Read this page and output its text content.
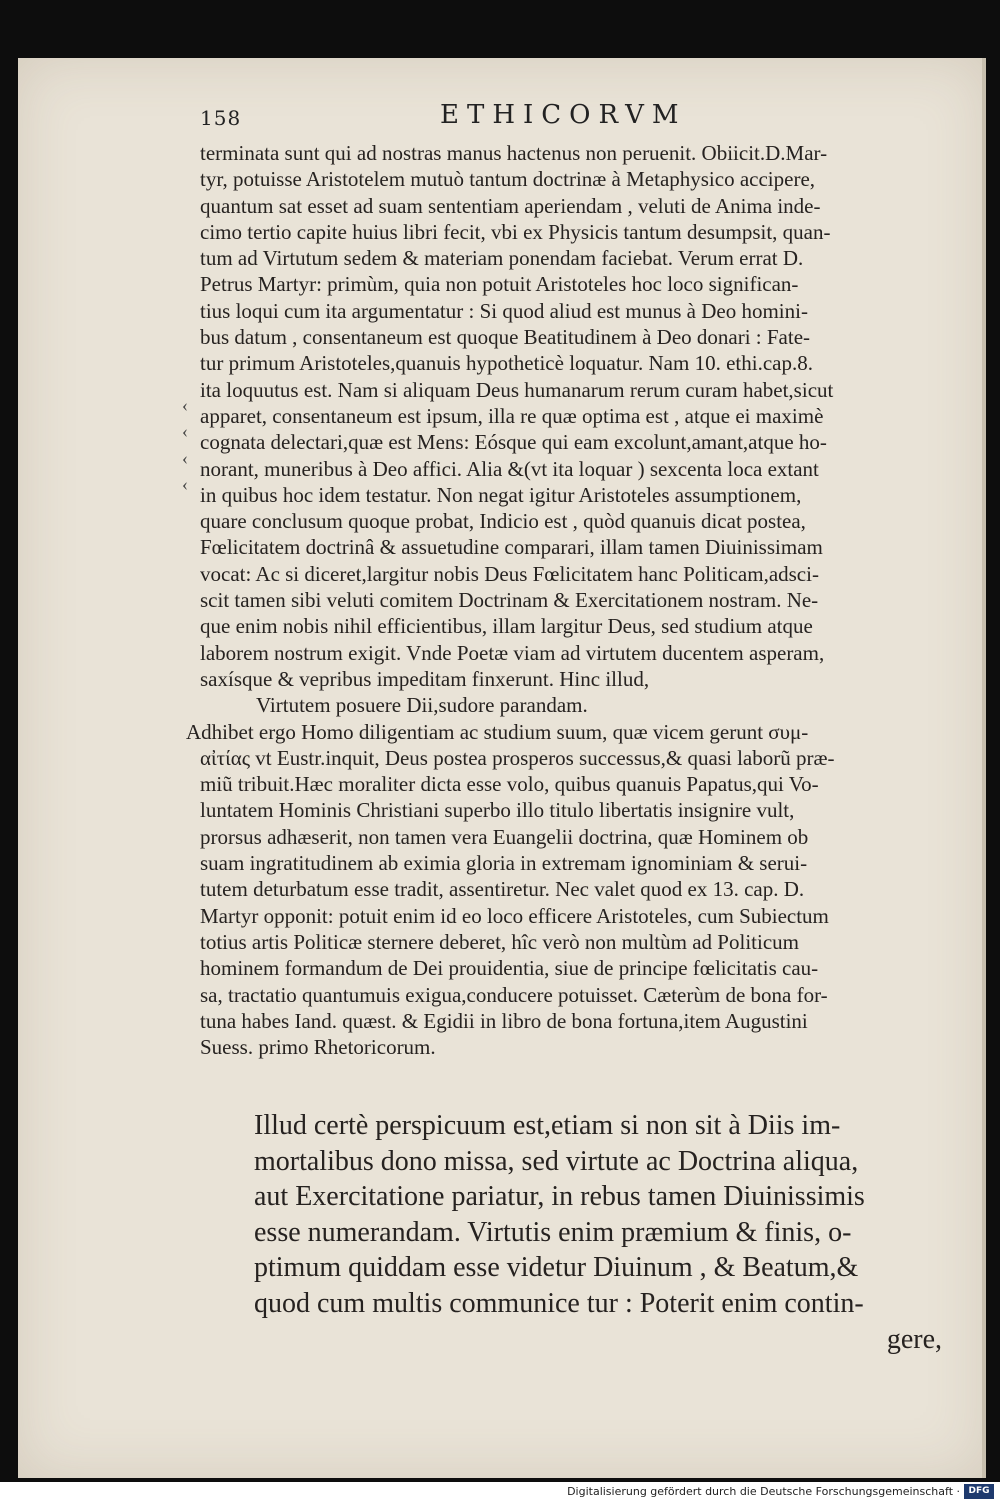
158	ETHICORVM
‹
‹
‹
‹
terminata sunt qui ad nostras manus hactenus non peruenit. Obiicit.D.Mar-
tyr, potuisse Aristotelem mutuò tantum doctrinæ à Metaphysico accipere,
quantum sat esset ad suam sententiam aperiendam , veluti de Anima inde-
cimo tertio capite huius libri fecit, vbi ex Physicis tantum desumpsit, quan-
tum ad Virtutum sedem & materiam ponendam faciebat. Verum errat D.
Petrus Martyr: primùm, quia non potuit Aristoteles hoc loco significan-
tius loqui cum ita argumentatur : Si quod aliud est munus à Deo homini-
bus datum , consentaneum est quoque Beatitudinem à Deo donari : Fate-
tur primum Aristoteles,quanuis hypotheticè loquatur. Nam 10. ethi.cap.8.
ita loquutus est. Nam si aliquam Deus humanarum rerum curam habet,sicut
apparet, consentaneum est ipsum, illa re quæ optima est , atque ei maximè
cognata delectari,quæ est Mens: Eósque qui eam excolunt,amant,atque ho-
norant, muneribus à Deo affici. Alia &(vt ita loquar ) sexcenta loca extant
in quibus hoc idem testatur. Non negat igitur Aristoteles assumptionem,
quare conclusum quoque probat, Indicio est , quòd quanuis dicat postea,
Fœlicitatem doctrinâ & assuetudine comparari, illam tamen Diuinissimam
vocat: Ac si diceret,largitur nobis Deus Fœlicitatem hanc Politicam,adsci-
scit tamen sibi veluti comitem Doctrinam & Exercitationem nostram. Ne-
que enim nobis nihil efficientibus, illam largitur Deus, sed studium atque
laborem nostrum exigit. Vnde Poetæ viam ad virtutem ducentem asperam,
saxísque & vepribus impeditam finxerunt. Hinc illud,
Virtutem posuere Dii,sudore parandam.
Adhibet ergo Homo diligentiam ac studium suum, quæ vicem gerunt συμ-
αἰτίας vt Eustr.inquit, Deus postea prosperos successus,& quasi laborũ præ-
miũ tribuit.Hæc moraliter dicta esse volo, quibus quanuis Papatus,qui Vo-
luntatem Hominis Christiani superbo illo titulo libertatis insignire vult,
prorsus adhæserit, non tamen vera Euangelii doctrina, quæ Hominem ob
suam ingratitudinem ab eximia gloria in extremam ignominiam & serui-
tutem deturbatum esse tradit, assentiretur. Nec valet quod ex 13. cap. D.
Martyr opponit: potuit enim id eo loco efficere Aristoteles, cum Subiectum
totius artis Politicæ sternere deberet, hîc verò non multùm ad Politicum
hominem formandum de Dei prouidentia, siue de principe fœlicitatis cau-
sa, tractatio quantumuis exigua,conducere potuisset. Cæterùm de bona for-
tuna habes Iand. quæst. & Egidii in libro de bona fortuna,item Augustini
Suess. primo Rhetoricorum.
Illud certè perspicuum est,etiam si non sit à Diis im-
mortalibus dono missa, sed virtute ac Doctrina aliqua,
aut Exercitatione pariatur, in rebus tamen Diuinissimis
esse numerandam. Virtutis enim præmium & finis, o-
ptimum quiddam esse videtur Diuinum , & Beatum,&
quod cum multis communice tur : Poterit enim contin-
gere,
Digitalisierung gefördert durch die Deutsche Forschungsgemeinschaft · DFG
